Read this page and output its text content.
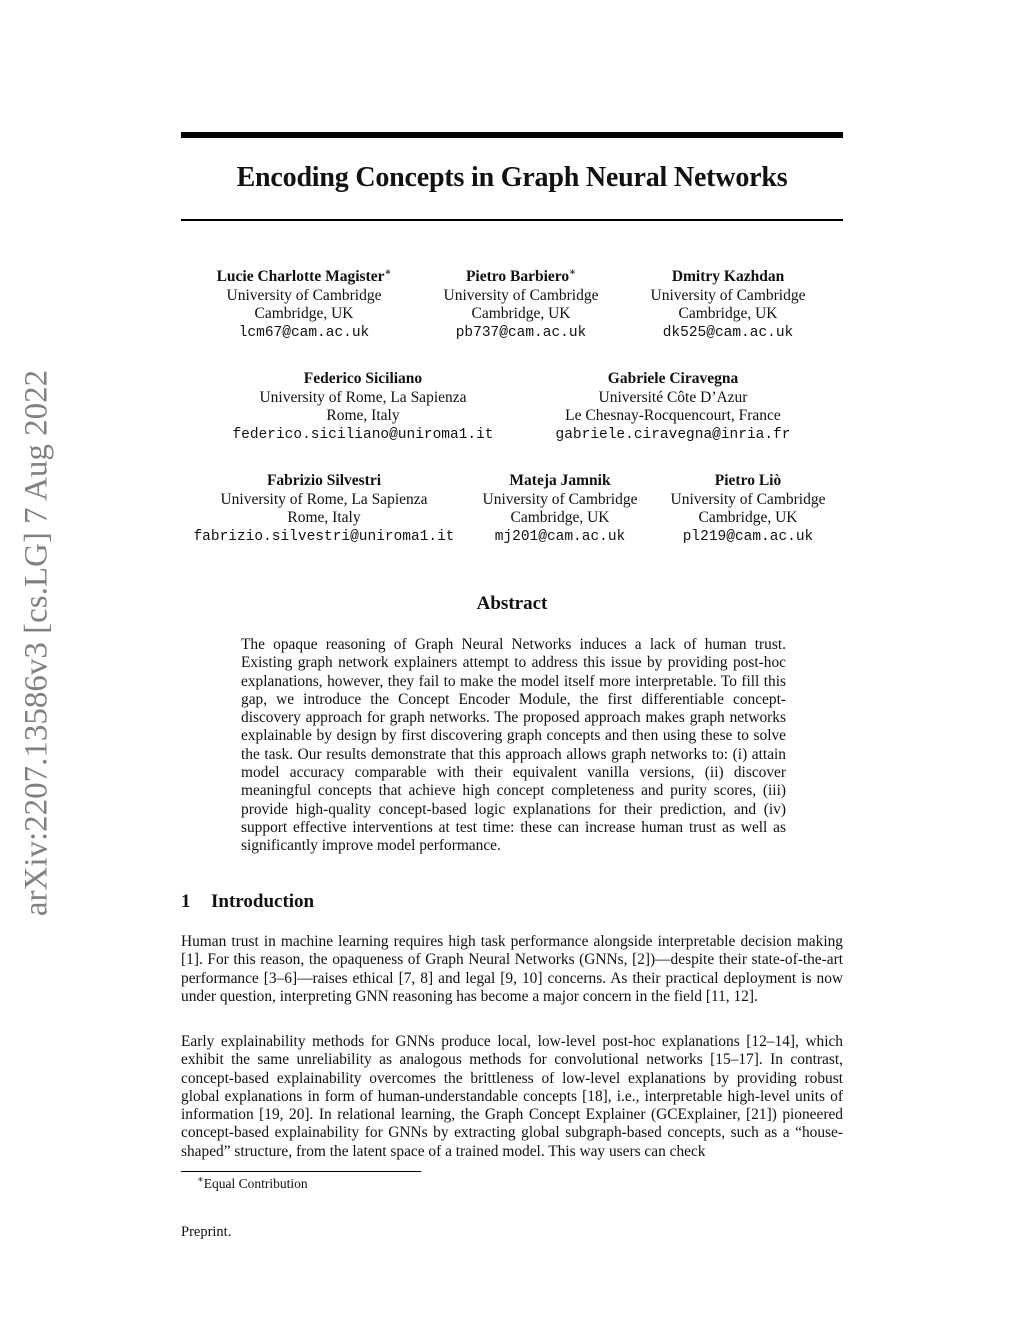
arXiv:2207.13586v3 [cs.LG] 7 Aug 2022
Encoding Concepts in Graph Neural Networks
Lucie Charlotte Magister∗
University of Cambridge
Cambridge, UK
lcm67@cam.ac.uk
Pietro Barbiero∗
University of Cambridge
Cambridge, UK
pb737@cam.ac.uk
Dmitry Kazhdan
University of Cambridge
Cambridge, UK
dk525@cam.ac.uk
Federico Siciliano
University of Rome, La Sapienza
Rome, Italy
federico.siciliano@uniroma1.it
Gabriele Ciravegna
Université Côte D’Azur
Le Chesnay-Rocquencourt, France
gabriele.ciravegna@inria.fr
Fabrizio Silvestri
University of Rome, La Sapienza
Rome, Italy
fabrizio.silvestri@uniroma1.it
Mateja Jamnik
University of Cambridge
Cambridge, UK
mj201@cam.ac.uk
Pietro Liò
University of Cambridge
Cambridge, UK
pl219@cam.ac.uk
Abstract
The opaque reasoning of Graph Neural Networks induces a lack of human trust. Existing graph network explainers attempt to address this issue by providing post-hoc explanations, however, they fail to make the model itself more interpretable. To fill this gap, we introduce the Concept Encoder Module, the first differentiable concept-discovery approach for graph networks. The proposed approach makes graph networks explainable by design by first discovering graph concepts and then using these to solve the task. Our results demonstrate that this approach allows graph networks to: (i) attain model accuracy comparable with their equivalent vanilla versions, (ii) discover meaningful concepts that achieve high concept completeness and purity scores, (iii) provide high-quality concept-based logic explanations for their prediction, and (iv) support effective interventions at test time: these can increase human trust as well as significantly improve model performance.
1 Introduction

Human trust in machine learning requires high task performance alongside interpretable decision making [1]. For this reason, the opaqueness of Graph Neural Networks (GNNs, [2])—despite their state-of-the-art performance [3–6]—raises ethical [7, 8] and legal [9, 10] concerns. As their practical deployment is now under question, interpreting GNN reasoning has become a major concern in the field [11, 12].

Early explainability methods for GNNs produce local, low-level post-hoc explanations [12–14], which exhibit the same unreliability as analogous methods for convolutional networks [15–17]. In contrast, concept-based explainability overcomes the brittleness of low-level explanations by providing robust global explanations in form of human-understandable concepts [18], i.e., interpretable high-level units of information [19, 20]. In relational learning, the Graph Concept Explainer (GCExplainer, [21]) pioneered concept-based explainability for GNNs by extracting global subgraph-based concepts, such as a “house-shaped” structure, from the latent space of a trained model. This way users can check

∗Equal Contribution
Preprint.
